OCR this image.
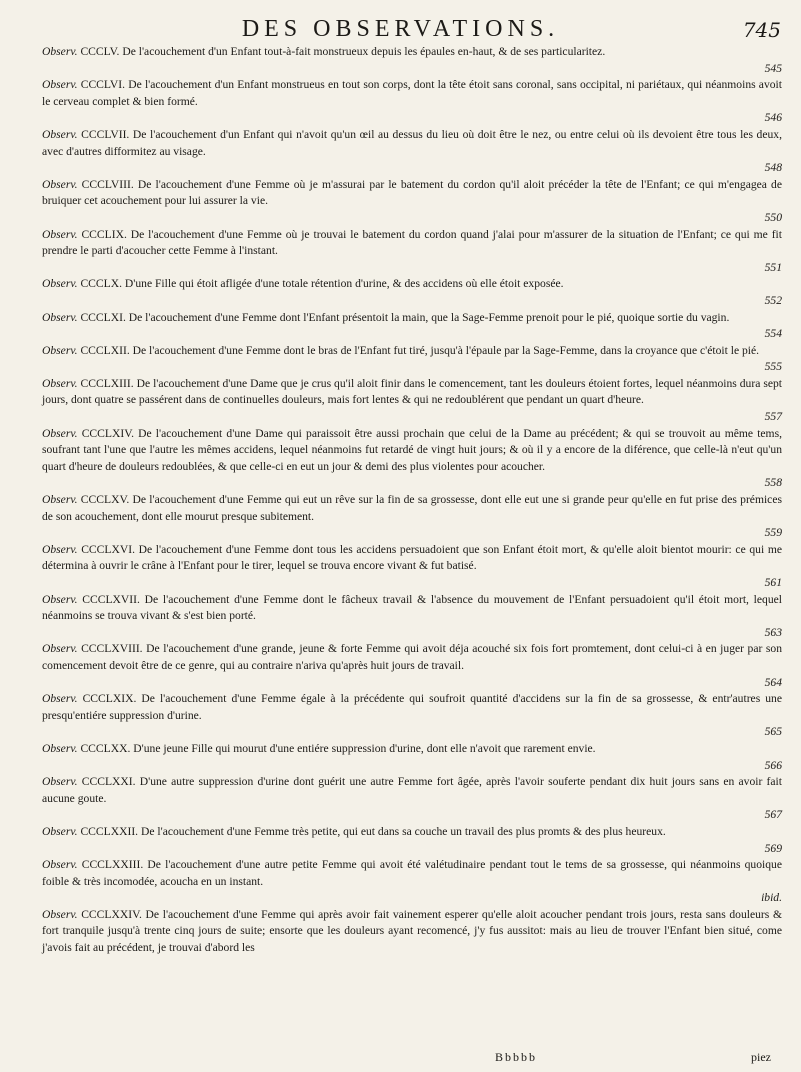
DES OBSERVATIONS.	745

Observ. CCCLV. De l'acouchement d'un Enfant tout-à-fait monstrueux depuis les épaules en-haut, & de ses particularitez.
545

Observ. CCCLVI. De l'acouchement d'un Enfant monstrueus en tout son corps, dont la tête étoit sans coronal, sans occipital, ni pariétaux, qui néanmoins avoit le cerveau complet & bien formé.
546

Observ. CCCLVII. De l'acouchement d'un Enfant qui n'avoit qu'un œil au dessus du lieu où doit être le nez, ou entre celui où ils devoient être tous les deux, avec d'autres difformitez au visage.
548

Observ. CCCLVIII. De l'acouchement d'une Femme où je m'assurai par le batement du cordon qu'il aloit précéder la tête de l'Enfant; ce qui m'engagea de bruiquer cet acouchement pour lui assurer la vie.
550

Observ. CCCLIX. De l'acouchement d'une Femme où je trouvai le batement du cordon quand j'alai pour m'assurer de la situation de l'Enfant; ce qui me fit prendre le parti d'acoucher cette Femme à l'instant.
551

Observ. CCCLX. D'une Fille qui étoit afligée d'une totale rétention d'urine, & des accidens où elle étoit exposée.
552

Observ. CCCLXI. De l'acouchement d'une Femme dont l'Enfant présentoit la main, que la Sage-Femme prenoit pour le pié, quoique sortie du vagin.
554

Observ. CCCLXII. De l'acouchement d'une Femme dont le bras de l'Enfant fut tiré, jusqu'à l'épaule par la Sage-Femme, dans la croyance que c'étoit le pié.
555

Observ. CCCLXIII. De l'acouchement d'une Dame que je crus qu'il aloit finir dans le comencement, tant les douleurs étoient fortes, lequel néanmoins dura sept jours, dont quatre se passérent dans de continuelles douleurs, mais fort lentes & qui ne redoublérent que pendant un quart d'heure.
557

Observ. CCCLXIV. De l'acouchement d'une Dame qui paraissoit être aussi prochain que celui de la Dame au précédent; & qui se trouvoit au même tems, soufrant tant l'une que l'autre les mêmes accidens, lequel néanmoins fut retardé de vingt huit jours; & où il y a encore de la diférence, que celle-là n'eut qu'un quart d'heure de douleurs redoublées, & que celle-ci en eut un jour & demi des plus violentes pour acoucher.
558

Observ. CCCLXV. De l'acouchement d'une Femme qui eut un rêve sur la fin de sa grossesse, dont elle eut une si grande peur qu'elle en fut prise des prémices de son acouchement, dont elle mourut presque subitement.
559

Observ. CCCLXVI. De l'acouchement d'une Femme dont tous les accidens persuadoient que son Enfant étoit mort, & qu'elle aloit bientot mourir: ce qui me détermina à ouvrir le crâne à l'Enfant pour le tirer, lequel se trouva encore vivant & fut batisé.
561

Observ. CCCLXVII. De l'acouchement d'une Femme dont le fâcheux travail & l'absence du mouvement de l'Enfant persuadoient qu'il étoit mort, lequel néanmoins se trouva vivant & s'est bien porté.
563

Observ. CCCLXVIII. De l'acouchement d'une grande, jeune & forte Femme qui avoit déja acouché six fois fort promtement, dont celui-ci à en juger par son comencement devoit être de ce genre, qui au contraire n'ariva qu'après huit jours de travail.
564

Observ. CCCLXIX. De l'acouchement d'une Femme égale à la précédente qui soufroit quantité d'accidens sur la fin de sa grossesse, & entr'autres une presqu'entiére suppression d'urine.
565

Observ. CCCLXX. D'une jeune Fille qui mourut d'une entiére suppression d'urine, dont elle n'avoit que rarement envie.
566

Observ. CCCLXXI. D'une autre suppression d'urine dont guérit une autre Femme fort âgée, après l'avoir souferte pendant dix huit jours sans en avoir fait aucune goute.
567

Observ. CCCLXXII. De l'acouchement d'une Femme très petite, qui eut dans sa couche un travail des plus promts & des plus heureux.
569

Observ. CCCLXXIII. De l'acouchement d'une autre petite Femme qui avoit été valétudinaire pendant tout le tems de sa grossesse, qui néanmoins quoique foible & très incomodée, acoucha en un instant.
ibid.

Observ. CCCLXXIV. De l'acouchement d'une Femme qui après avoir fait vainement esperer qu'elle aloit acoucher pendant trois jours, resta sans douleurs & fort tranquile jusqu'à trente cinq jours de suite; ensorte que les douleurs ayant recomencé, j'y fus aussitot: mais au lieu de trouver l'Enfant bien situé, come j'avois fait au précédent, je trouvai d'abord les

Bbbbb	piez
